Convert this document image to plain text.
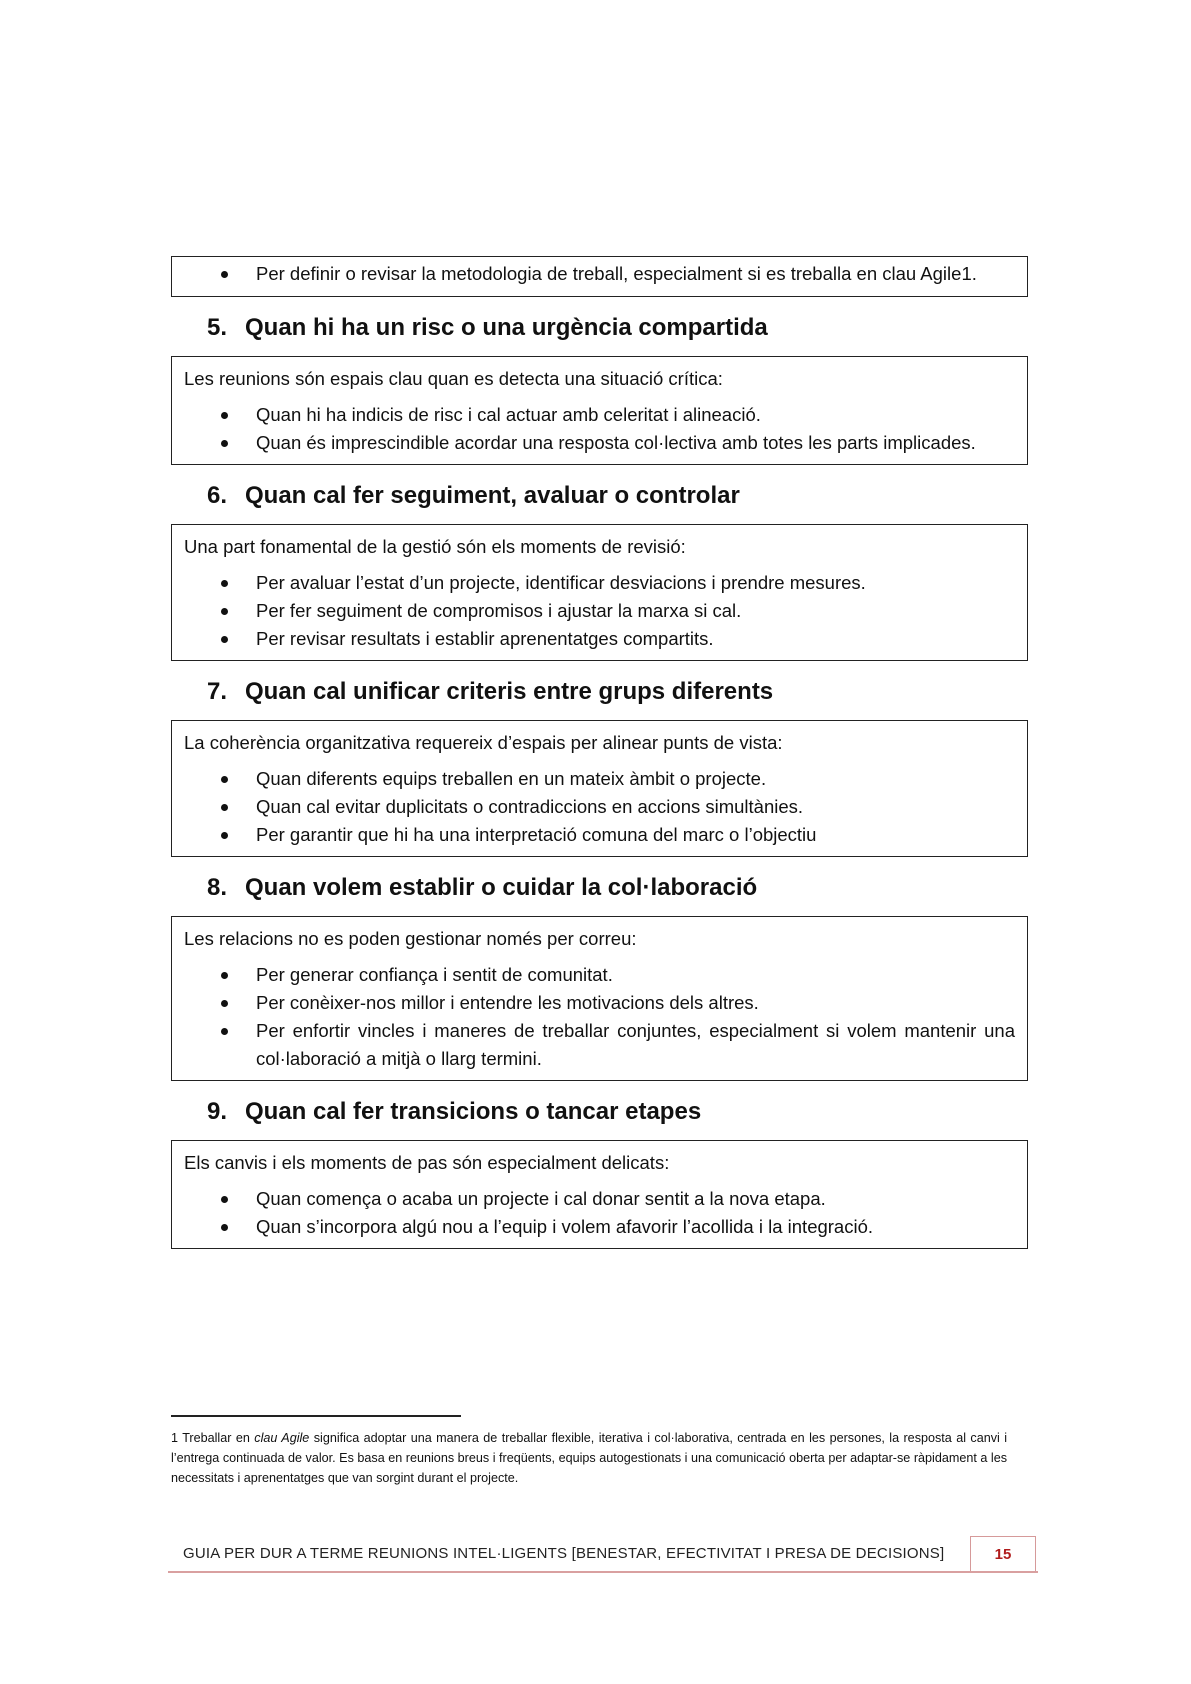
Per definir o revisar la metodologia de treball, especialment si es treballa en clau Agile1.
5. Quan hi ha un risc o una urgència compartida

Les reunions són espais clau quan es detecta una situació crítica:

Quan hi ha indicis de risc i cal actuar amb celeritat i alineació.
Quan és imprescindible acordar una resposta col·lectiva amb totes les parts implicades.
6. Quan cal fer seguiment, avaluar o controlar

Una part fonamental de la gestió són els moments de revisió:

Per avaluar l’estat d’un projecte, identificar desviacions i prendre mesures.
Per fer seguiment de compromisos i ajustar la marxa si cal.
Per revisar resultats i establir aprenentatges compartits.
7. Quan cal unificar criteris entre grups diferents

La coherència organitzativa requereix d’espais per alinear punts de vista:

Quan diferents equips treballen en un mateix àmbit o projecte.
Quan cal evitar duplicitats o contradiccions en accions simultànies.
Per garantir que hi ha una interpretació comuna del marc o l’objectiu
8. Quan volem establir o cuidar la col·laboració

Les relacions no es poden gestionar només per correu:

Per generar confiança i sentit de comunitat.
Per conèixer-nos millor i entendre les motivacions dels altres.
Per enfortir vincles i maneres de treballar conjuntes, especialment si volem mantenir una col·laboració a mitjà o llarg termini.
9. Quan cal fer transicions o tancar etapes

Els canvis i els moments de pas són especialment delicats:

Quan comença o acaba un projecte i cal donar sentit a la nova etapa.
Quan s’incorpora algú nou a l’equip i volem afavorir l’acollida i la integració.
1 Treballar en clau Agile significa adoptar una manera de treballar flexible, iterativa i col·laborativa, centrada en les persones, la resposta al canvi i l’entrega continuada de valor. Es basa en reunions breus i freqüents, equips autogestionats i una comunicació oberta per adaptar-se ràpidament a les necessitats i aprenentatges que van sorgint durant el projecte.
GUIA PER DUR A TERME REUNIONS INTEL·LIGENTS [BENESTAR, EFECTIVITAT I PRESA DE DECISIONS]	15
